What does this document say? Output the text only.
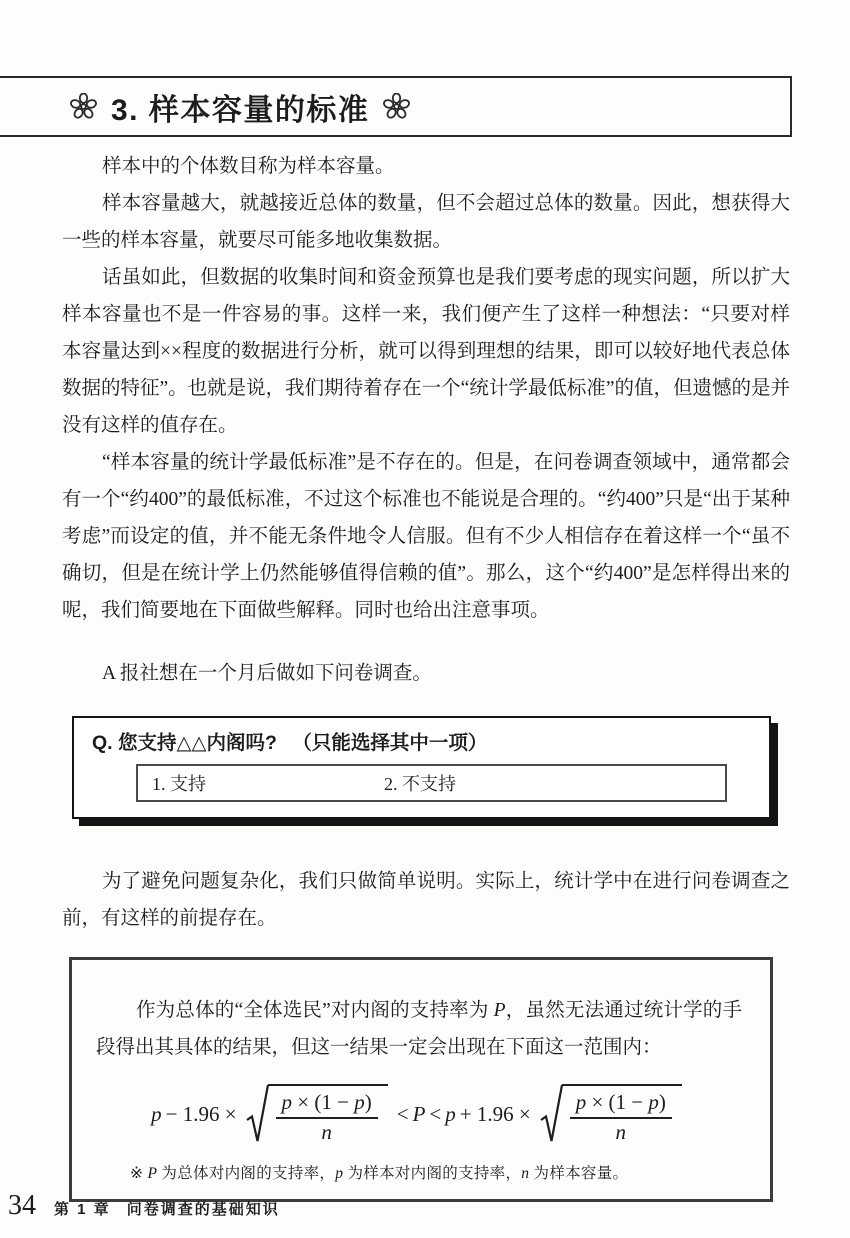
3. 样本容量的标准

样本中的个体数目称为样本容量。

样本容量越大，就越接近总体的数量，但不会超过总体的数量。因此，想获得大一些的样本容量，就要尽可能多地收集数据。

话虽如此，但数据的收集时间和资金预算也是我们要考虑的现实问题，所以扩大样本容量也不是一件容易的事。这样一来，我们便产生了这样一种想法：“只要对样本容量达到××程度的数据进行分析，就可以得到理想的结果，即可以较好地代表总体数据的特征”。也就是说，我们期待着存在一个“统计学最低标准”的值，但遗憾的是并没有这样的值存在。

“样本容量的统计学最低标准”是不存在的。但是，在问卷调查领域中，通常都会有一个“约400”的最低标准，不过这个标准也不能说是合理的。“约400”只是“出于某种考虑”而设定的值，并不能无条件地令人信服。但有不少人相信存在着这样一个“虽不确切，但是在统计学上仍然能够值得信赖的值”。那么，这个“约400”是怎样得出来的呢，我们简要地在下面做些解释。同时也给出注意事项。

A 报社想在一个月后做如下问卷调查。

Q. 您支持△△内阁吗? （只能选择其中一项）
1. 支持	2. 不支持

为了避免问题复杂化，我们只做简单说明。实际上，统计学中在进行问卷调查之前，有这样的前提存在。

作为总体的“全体选民”对内阁的支持率为 P，虽然无法通过统计学的手段得出其具体的结果，但这一结果一定会出现在下面这一范围内：

p − 1.96 ×
p × (1 − p)
n
< P < p + 1.96 ×
p × (1 − p)
n

※ P 为总体对内阁的支持率，p 为样本对内阁的支持率，n 为样本容量。

34 第 1 章 问卷调查的基础知识
